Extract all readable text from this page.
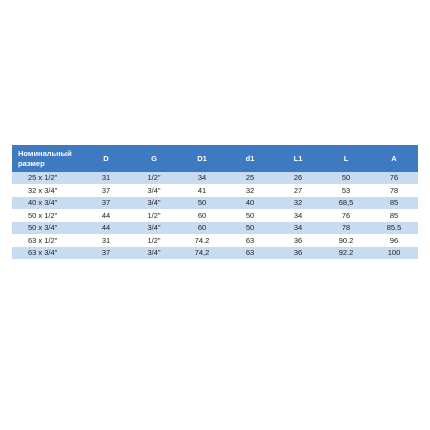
Номинальный размер	D	G	D1	d1	L1	L	A
25 x 1/2"	31	1/2"	34	25	26	50	76
32 x 3/4"	37	3/4"	41	32	27	53	78
40 x 3/4"	37	3/4"	50	40	32	68,5	85
50 x 1/2"	44	1/2"	60	50	34	76	85
50 x 3/4"	44	3/4"	60	50	34	78	85.5
63 x 1/2"	31	1/2"	74.2	63	36	90.2	96
63 x 3/4"	37	3/4"	74,2	63	36	92.2	100
